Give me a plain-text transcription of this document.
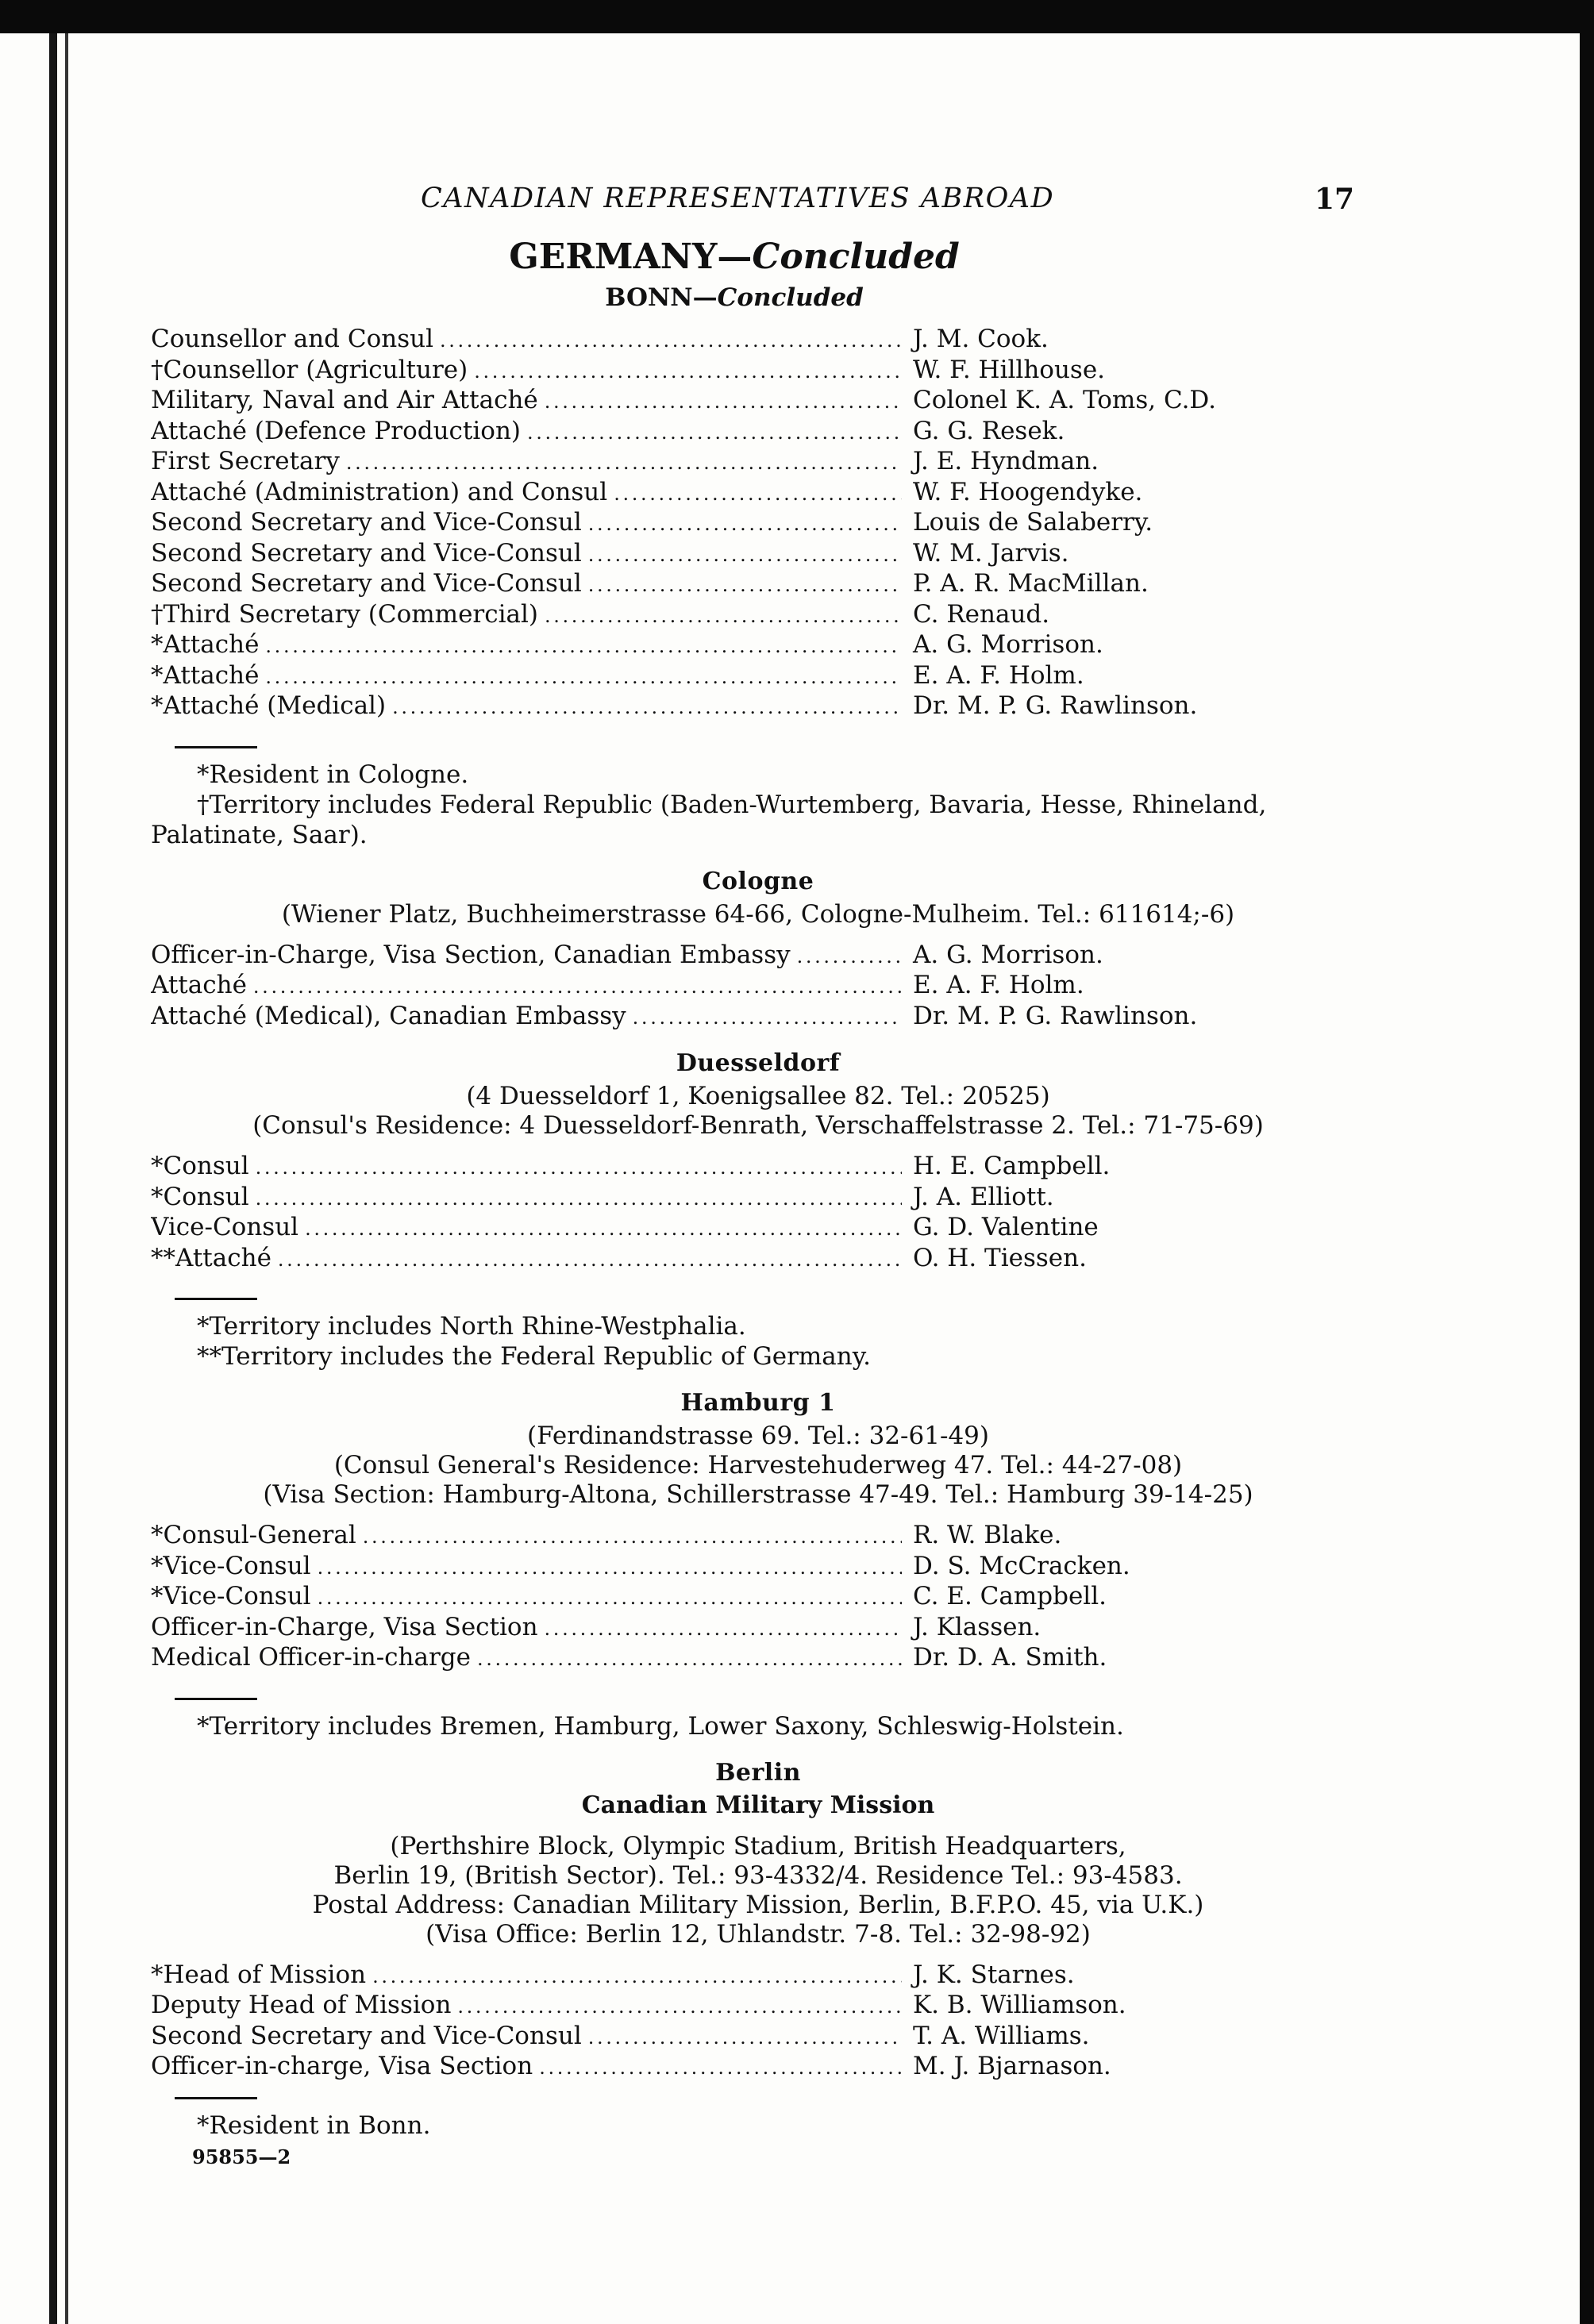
CANADIAN REPRESENTATIVES ABROAD	17
GERMANY—Concluded
BONN—Concluded
Counsellor and Consul . . .	J. M. Cook.
†Counsellor (Agriculture) . . .	W. F. Hillhouse.
Military, Naval and Air Attaché . . .	Colonel K. A. Toms, C.D.
Attaché (Defence Production) . . .	G. G. Resek.
First Secretary . . .	J. E. Hyndman.
Attaché (Administration) and Consul . . .	W. F. Hoogendyke.
Second Secretary and Vice-Consul . . .	Louis de Salaberry.
Second Secretary and Vice-Consul . . .	W. M. Jarvis.
Second Secretary and Vice-Consul . . .	P. A. R. MacMillan.
†Third Secretary (Commercial) . . .	C. Renaud.
*Attaché . . .	A. G. Morrison.
*Attaché . . .	E. A. F. Holm.
*Attaché (Medical) . . .	Dr. M. P. G. Rawlinson.
*Resident in Cologne.
†Territory includes Federal Republic (Baden-Wurtemberg, Bavaria, Hesse, Rhineland, Palatinate, Saar).
Cologne
(Wiener Platz, Buchheimerstrasse 64-66, Cologne-Mulheim. Tel.: 611614;-6)
Officer-in-Charge, Visa Section, Canadian Embassy . . .	A. G. Morrison.
Attaché . . .	E. A. F. Holm.
Attaché (Medical), Canadian Embassy . . .	Dr. M. P. G. Rawlinson.
Duesseldorf
(4 Duesseldorf 1, Koenigsallee 82. Tel.: 20525)
(Consul's Residence: 4 Duesseldorf-Benrath, Verschaffelstrasse 2. Tel.: 71-75-69)
*Consul . . .	H. E. Campbell.
*Consul . . .	J. A. Elliott.
Vice-Consul . . .	G. D. Valentine
**Attaché . . .	O. H. Tiessen.
*Territory includes North Rhine-Westphalia.
**Territory includes the Federal Republic of Germany.
Hamburg 1
(Ferdinandstrasse 69. Tel.: 32-61-49)
(Consul General's Residence: Harvestehuderweg 47. Tel.: 44-27-08)
(Visa Section: Hamburg-Altona, Schillerstrasse 47-49. Tel.: Hamburg 39-14-25)
*Consul-General . . .	R. W. Blake.
*Vice-Consul . . .	D. S. McCracken.
*Vice-Consul . . .	C. E. Campbell.
Officer-in-Charge, Visa Section . . .	J. Klassen.
Medical Officer-in-charge . . .	Dr. D. A. Smith.
*Territory includes Bremen, Hamburg, Lower Saxony, Schleswig-Holstein.
Berlin
Canadian Military Mission
(Perthshire Block, Olympic Stadium, British Headquarters,
Berlin 19, (British Sector). Tel.: 93-4332/4. Residence Tel.: 93-4583.
Postal Address: Canadian Military Mission, Berlin, B.F.P.O. 45, via U.K.)
(Visa Office: Berlin 12, Uhlandstr. 7-8. Tel.: 32-98-92)
*Head of Mission . . .	J. K. Starnes.
Deputy Head of Mission . . .	K. B. Williamson.
Second Secretary and Vice-Consul . . .	T. A. Williams.
Officer-in-charge, Visa Section . . .	M. J. Bjarnason.
*Resident in Bonn.
95855—2
